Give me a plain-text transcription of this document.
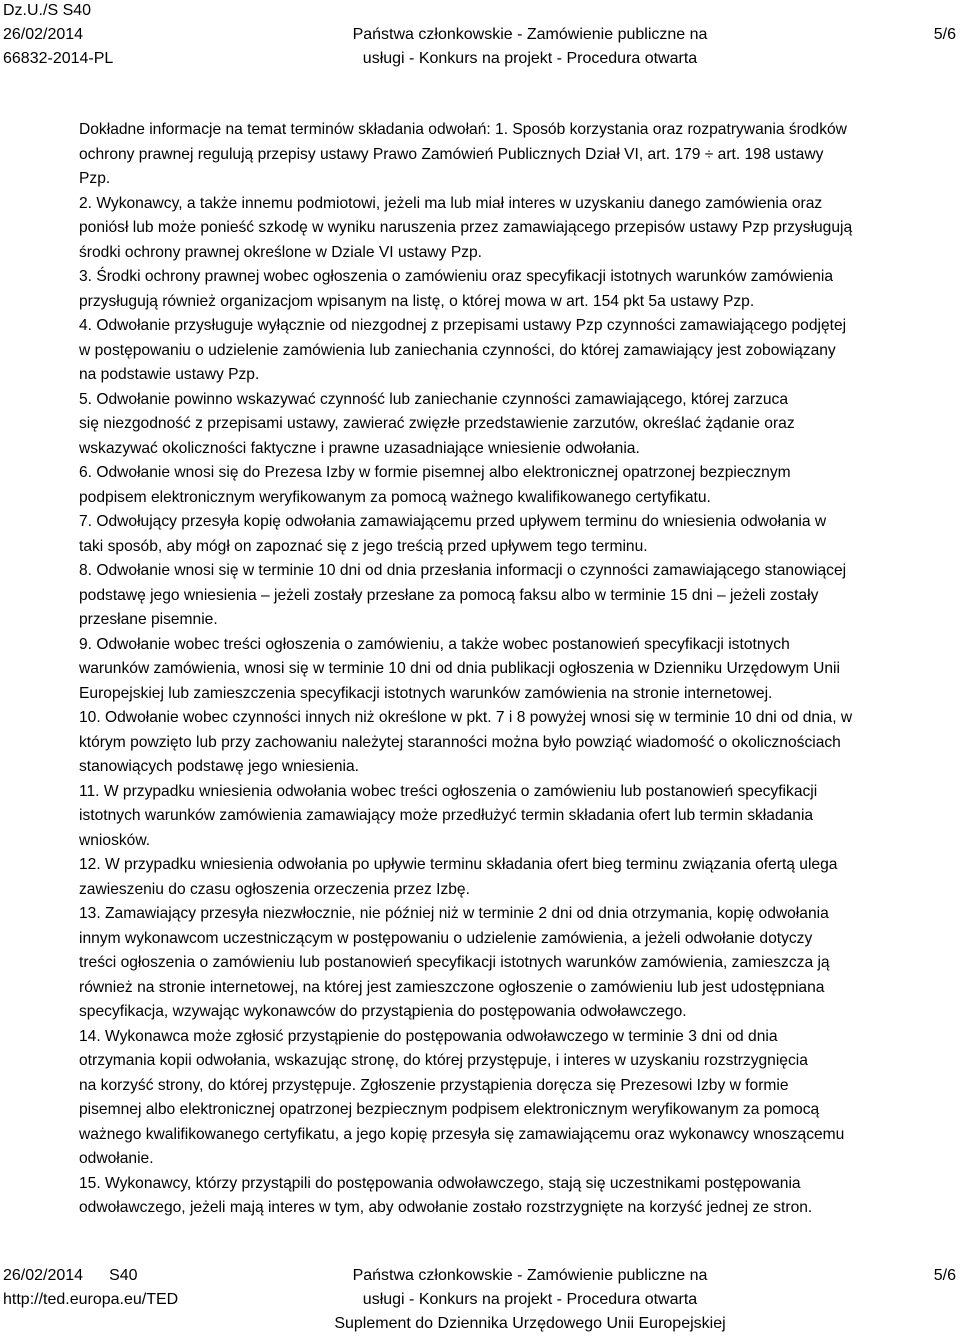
Dz.U./S S40
26/02/2014
66832-2014-PL
Państwa członkowskie - Zamówienie publiczne na
usługi - Konkurs na projekt - Procedura otwarta
5/6

Dokładne informacje na temat terminów składania odwołań: 1. Sposób korzystania oraz rozpatrywania środków

ochrony prawnej regulują przepisy ustawy Prawo Zamówień Publicznych Dział VI, art. 179 ÷ art. 198 ustawy

Pzp.

2. Wykonawcy, a także innemu podmiotowi, jeżeli ma lub miał interes w uzyskaniu danego zamówienia oraz

poniósł lub może ponieść szkodę w wyniku naruszenia przez zamawiającego przepisów ustawy Pzp przysługują

środki ochrony prawnej określone w Dziale VI ustawy Pzp.

3. Środki ochrony prawnej wobec ogłoszenia o zamówieniu oraz specyfikacji istotnych warunków zamówienia

przysługują również organizacjom wpisanym na listę, o której mowa w art. 154 pkt 5a ustawy Pzp.

4. Odwołanie przysługuje wyłącznie od niezgodnej z przepisami ustawy Pzp czynności zamawiającego podjętej

w postępowaniu o udzielenie zamówienia lub zaniechania czynności, do której zamawiający jest zobowiązany

na podstawie ustawy Pzp.

5. Odwołanie powinno wskazywać czynność lub zaniechanie czynności zamawiającego, której zarzuca

się niezgodność z przepisami ustawy, zawierać zwięzłe przedstawienie zarzutów, określać żądanie oraz

wskazywać okoliczności faktyczne i prawne uzasadniające wniesienie odwołania.

6. Odwołanie wnosi się do Prezesa Izby w formie pisemnej albo elektronicznej opatrzonej bezpiecznym

podpisem elektronicznym weryfikowanym za pomocą ważnego kwalifikowanego certyfikatu.

7. Odwołujący przesyła kopię odwołania zamawiającemu przed upływem terminu do wniesienia odwołania w

taki sposób, aby mógł on zapoznać się z jego treścią przed upływem tego terminu.

8. Odwołanie wnosi się w terminie 10 dni od dnia przesłania informacji o czynności zamawiającego stanowiącej

podstawę jego wniesienia – jeżeli zostały przesłane za pomocą faksu albo w terminie 15 dni – jeżeli zostały

przesłane pisemnie.

9. Odwołanie wobec treści ogłoszenia o zamówieniu, a także wobec postanowień specyfikacji istotnych

warunków zamówienia, wnosi się w terminie 10 dni od dnia publikacji ogłoszenia w Dzienniku Urzędowym Unii

Europejskiej lub zamieszczenia specyfikacji istotnych warunków zamówienia na stronie internetowej.

10. Odwołanie wobec czynności innych niż określone w pkt. 7 i 8 powyżej wnosi się w terminie 10 dni od dnia, w

którym powzięto lub przy zachowaniu należytej staranności można było powziąć wiadomość o okolicznościach

stanowiących podstawę jego wniesienia.

11. W przypadku wniesienia odwołania wobec treści ogłoszenia o zamówieniu lub postanowień specyfikacji

istotnych warunków zamówienia zamawiający może przedłużyć termin składania ofert lub termin składania

wniosków.

12. W przypadku wniesienia odwołania po upływie terminu składania ofert bieg terminu związania ofertą ulega

zawieszeniu do czasu ogłoszenia orzeczenia przez Izbę.

13. Zamawiający przesyła niezwłocznie, nie później niż w terminie 2 dni od dnia otrzymania, kopię odwołania

innym wykonawcom uczestniczącym w postępowaniu o udzielenie zamówienia, a jeżeli odwołanie dotyczy

treści ogłoszenia o zamówieniu lub postanowień specyfikacji istotnych warunków zamówienia, zamieszcza ją

również na stronie internetowej, na której jest zamieszczone ogłoszenie o zamówieniu lub jest udostępniana

specyfikacja, wzywając wykonawców do przystąpienia do postępowania odwoławczego.

14. Wykonawca może zgłosić przystąpienie do postępowania odwoławczego w terminie 3 dni od dnia

otrzymania kopii odwołania, wskazując stronę, do której przystępuje, i interes w uzyskaniu rozstrzygnięcia

na korzyść strony, do której przystępuje. Zgłoszenie przystąpienia doręcza się Prezesowi Izby w formie

pisemnej albo elektronicznej opatrzonej bezpiecznym podpisem elektronicznym weryfikowanym za pomocą

ważnego kwalifikowanego certyfikatu, a jego kopię przesyła się zamawiającemu oraz wykonawcy wnoszącemu

odwołanie.

15. Wykonawcy, którzy przystąpili do postępowania odwoławczego, stają się uczestnikami postępowania

odwoławczego, jeżeli mają interes w tym, aby odwołanie zostało rozstrzygnięte na korzyść jednej ze stron.

26/02/2014 S40
http://ted.europa.eu/TED
Państwa członkowskie - Zamówienie publiczne na
usługi - Konkurs na projekt - Procedura otwarta
Suplement do Dziennika Urzędowego Unii Europejskiej
5/6
